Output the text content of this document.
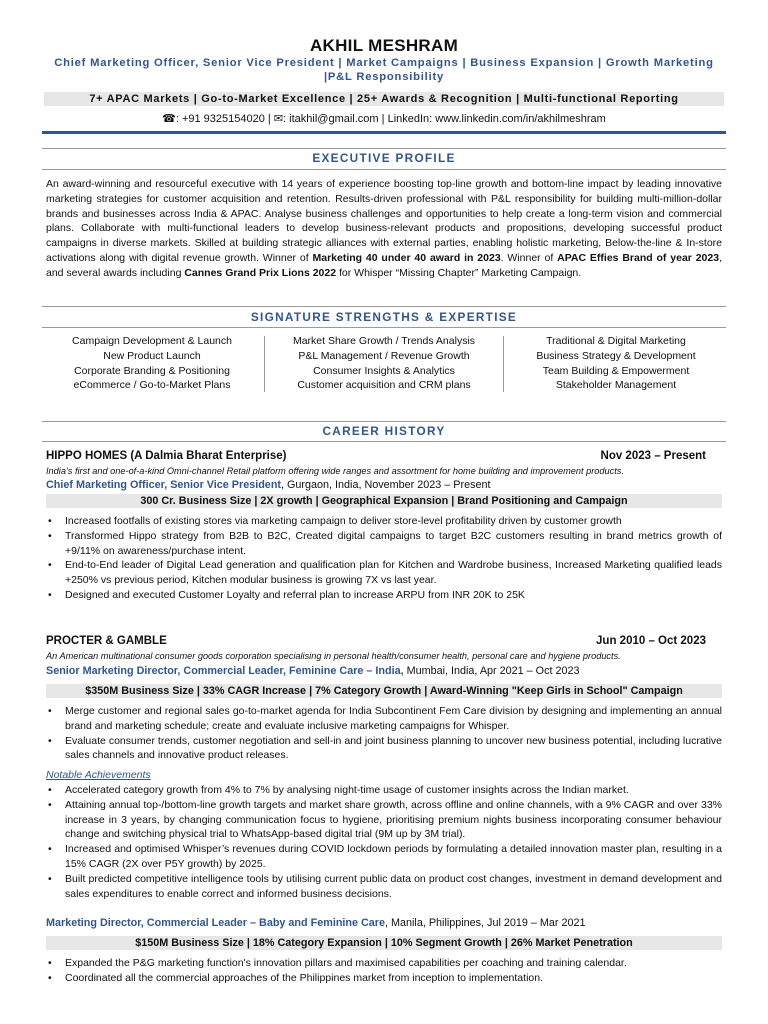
AKHIL MESHRAM
Chief Marketing Officer, Senior Vice President | Market Campaigns | Business Expansion | Growth Marketing |P&L Responsibility
7+ APAC Markets | Go-to-Market Excellence | 25+ Awards & Recognition | Multi-functional Reporting
☎: +91 9325154020 | ✉: itakhil@gmail.com | LinkedIn: www.linkedin.com/in/akhilmeshram
EXECUTIVE PROFILE
An award-winning and resourceful executive with 14 years of experience boosting top-line growth and bottom-line impact by leading innovative marketing strategies for customer acquisition and retention. Results-driven professional with P&L responsibility for building multi-million-dollar brands and businesses across India & APAC. Analyse business challenges and opportunities to help create a long-term vision and commercial plans. Collaborate with multi-functional leaders to develop business-relevant products and propositions, developing successful product campaigns in diverse markets. Skilled at building strategic alliances with external parties, enabling holistic marketing, Below-the-line & In-store activations along with digital revenue growth. Winner of Marketing 40 under 40 award in 2023. Winner of APAC Effies Brand of year 2023, and several awards including Cannes Grand Prix Lions 2022 for Whisper “Missing Chapter” Marketing Campaign.
SIGNATURE STRENGTHS & EXPERTISE
Campaign Development & Launch
New Product Launch
Corporate Branding & Positioning
eCommerce / Go-to-Market Plans
Market Share Growth / Trends Analysis
P&L Management / Revenue Growth
Consumer Insights & Analytics
Customer acquisition and CRM plans
Traditional & Digital Marketing
Business Strategy & Development
Team Building & Empowerment
Stakeholder Management
CAREER HISTORY
HIPPO HOMES (A Dalmia Bharat Enterprise)	Nov 2023 – Present
India’s first and one-of-a-kind Omni-channel Retail platform offering wide ranges and assortment for home building and improvement products.
Chief Marketing Officer, Senior Vice President, Gurgaon, India, November 2023 – Present
300 Cr. Business Size | 2X growth | Geographical Expansion | Brand Positioning and Campaign
• Increased footfalls of existing stores via marketing campaign to deliver store-level profitability driven by customer growth
• Transformed Hippo strategy from B2B to B2C, Created digital campaigns to target B2C customers resulting in brand metrics growth of +9/11% on awareness/purchase intent.
• End-to-End leader of Digital Lead generation and qualification plan for Kitchen and Wardrobe business, Increased Marketing qualified leads +250% vs previous period, Kitchen modular business is growing 7X vs last year.
• Designed and executed Customer Loyalty and referral plan to increase ARPU from INR 20K to 25K
PROCTER & GAMBLE	Jun 2010 – Oct 2023
An American multinational consumer goods corporation specialising in personal health/consumer health, personal care and hygiene products.
Senior Marketing Director, Commercial Leader, Feminine Care – India, Mumbai, India, Apr 2021 – Oct 2023
$350M Business Size | 33% CAGR Increase | 7% Category Growth | Award-Winning "Keep Girls in School" Campaign
• Merge customer and regional sales go-to-market agenda for India Subcontinent Fem Care division by designing and implementing an annual brand and marketing schedule; create and evaluate inclusive marketing campaigns for Whisper.
• Evaluate consumer trends, customer negotiation and sell-in and joint business planning to uncover new business potential, including lucrative sales channels and innovative product releases.
Notable Achievements
• Accelerated category growth from 4% to 7% by analysing night-time usage of customer insights across the Indian market.
• Attaining annual top-/bottom-line growth targets and market share growth, across offline and online channels, with a 9% CAGR and over 33% increase in 3 years, by changing communication focus to hygiene, prioritising premium nights business incorporating consumer behaviour change and switching physical trial to WhatsApp-based digital trial (9M up by 3M trial).
• Increased and optimised Whisper’s revenues during COVID lockdown periods by formulating a detailed innovation master plan, resulting in a 15% CAGR (2X over P5Y growth) by 2025.
• Built predicted competitive intelligence tools by utilising current public data on product cost changes, investment in demand development and sales expenditures to enable correct and informed business decisions.
Marketing Director, Commercial Leader – Baby and Feminine Care, Manila, Philippines, Jul 2019 – Mar 2021
$150M Business Size | 18% Category Expansion | 10% Segment Growth | 26% Market Penetration
• Expanded the P&G marketing function's innovation pillars and maximised capabilities per coaching and training calendar.
• Coordinated all the commercial approaches of the Philippines market from inception to implementation.
